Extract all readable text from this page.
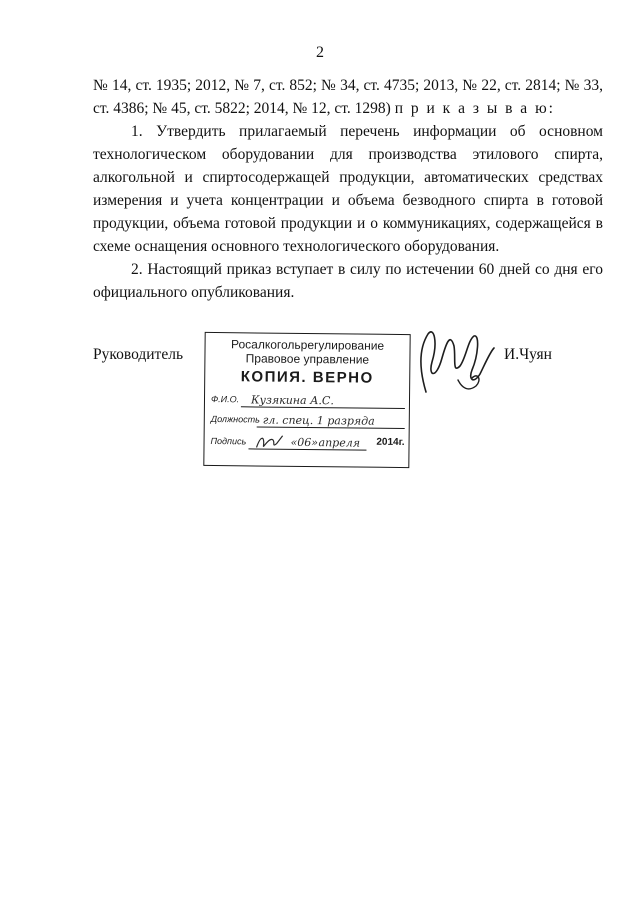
2

№ 14, ст. 1935; 2012, № 7, ст. 852; № 34, ст. 4735; 2013, № 22, ст. 2814; № 33, ст. 4386; № 45, ст. 5822; 2014, № 12, ст. 1298) п р и к а з ы в а ю:

1. Утвердить прилагаемый перечень информации об основном технологическом оборудовании для производства этилового спирта, алкогольной и спиртосодержащей продукции, автоматических средствах измерения и учета концентрации и объема безводного спирта в готовой продукции, объема готовой продукции и о коммуникациях, содержащейся в схеме оснащения основного технологического оборудования.

2. Настоящий приказ вступает в силу по истечении 60 дней со дня его официального опубликования.

Руководитель
Росалкогольрегулирование
Правовое управление
КОПИЯ. ВЕРНО
Ф.И.О. Кузякина А.С.
Должность гл. спец. 1 разряда
Подпись	«06» апреля 2014г.
И.Чуян
